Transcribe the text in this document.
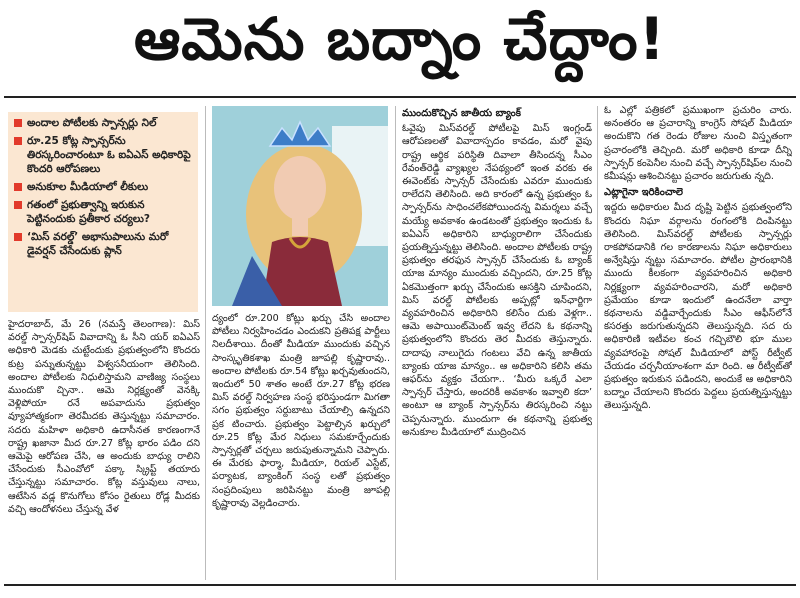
ఆమెను బద్నాం చేద్దాం!
అందాల పోటీలకు స్పాన్సర్లు నిల్
రూ.25 కోట్ల స్పాన్సర్‌ను తిరస్కరించారంటూ ఓ ఐఏఎస్ అధికారిపై కొందరి ఆరోపణలు
అనుకూల మీడియాలో లీకులు
గతంలో ప్రభుత్వాన్ని ఇరుకున పెట్టినందుకు ప్రతీకార చర్యలు?
‘మిస్ వరల్డ్’ అభాసుపాలును మరో డైవర్షన్ చేసేందుకు ప్లాన్

హైదరాబాద్, మే 26 (నమస్తే తెలంగాణ): మిస్ వరల్డ్ స్పాన్సర్‌షిప్ వివాదాన్ని ఓ సీని యర్ ఐఏఎస్ అధికారి మెడకు చుట్టేందుకు ప్రభుత్వంలోని కొందరు కుట్ర పన్నుతున్నట్టు విశ్వసనీయంగా తెలిసింది. అందాల పోటీలకు నిధులిస్తామని వాణిజ్య సంస్థలు ముందుకొ చ్చినా.. ఆమె నిర్లక్ష్యంతో వెనక్కి వెళ్లిపోయా రనే అపవాదును ప్రభుత్వం వ్యూహాత్మకంగా తెరమీదకు తెస్తున్నట్టు సమాచారం. సదరు మహిళా అధికారి ఉదాసీనత కారణంగానే రాష్ట్ర ఖజానా మీద రూ.27 కోట్ల భారం పడిం దని ఆమెపై ఆరోపణ చేసి, ఆ అందుకు బాధ్యు రాలిని చేసేందుకు సీఎంవోలో పక్కా స్క్రిప్ట్ తయారు చేస్తున్నట్టు సమాచారం. కోట్ల వస్తువులు నాలు, ఆటేసిన వడ్ల కొనుగోలు కోసం రైతులు రోడ్ల మీదకు వచ్చి ఆందోళనలు చేస్తున్న వేళ

ద్యంలో రూ.200 కోట్లు ఖర్చు చేసి అందాల పోటీలు నిర్వహించడం ఎందుకని ప్రతిపక్ష పార్టీలు నిలదీశాయి. దీంతో మీడియా ముందుకు వచ్చిన సాంస్కృతికశాఖ మంత్రి జూపల్లి కృష్ణారావు.. అందాల పోటీలకు రూ.54 కోట్లు ఖర్చవుతుందని, ఇందులో 50 శాతం అంటే రూ.27 కోట్ల భరణ మిస్ వరల్డ్ నిర్వహణ సంస్థ భరిస్తుండగా మిగతా సగం ప్రభుత్వం సర్దుబాటు చేయాల్సి ఉన్నదని ప్రక టించారు. ప్రభుత్వం పెట్టాల్సిన ఖర్చులో రూ.25 కోట్ల మేర నిధులు సమకూర్చేందుకు స్పాన్సర్లతో చర్చలు జరుపుతున్నామని చెప్పారు. ఈ మేరకు ఫార్మా, మీడియా, రియల్ ఎస్టేట్, పర్యాటక, బ్యాంకింగ్ సంస్థ లతో ప్రభుత్వం సంప్రదింపులు జరిపినట్టు మంత్రి జూపల్లి కృష్ణారావు వెల్లడించారు.

ముందుకొచ్చిన జాతీయ బ్యాంక్

ఓవైపు మిస్‌వరల్డ్ పోటీలపై మిస్ ఇంగ్లండ్ ఆరోపణలతో వివాదాస్పదం కావడం, మరో వైపు రాష్ట్ర ఆర్థిక పరిస్థితి దివాలా తీసిందన్న సీఎం రేవంత్‌రెడ్డి వ్యాఖ్యల నేపథ్యంలో ఇంత వరకు ఈ ఈవెంట్‌కు స్పాన్సర్ చేసేందుకు ఎవరూ ముందుకు రాలేదని తెలిసింది. అది కారంలో ఉన్న ప్రభుత్వం ఓ స్పాన్సర్‌ను సాధించలేకపోయిందన్న విమర్శలు వచ్చే మయ్యే అవకాశం ఉండటంతో ప్రభుత్వం ఇందుకు ఓ ఐఏఎస్ అధికారిని బాధ్యురాలిగా చేసేందుకు ప్రయత్నిస్తున్నట్టు తెలిసింది. అందాల పోటీలకు రాష్ట్ర ప్రభుత్వం తరఫున స్పాన్సర్ చేసేందుకు ఓ బ్యాంక్ యాజ మాన్యం ముందుకు వచ్చిందని, రూ.25 కోట్ల ఏకమొత్తంగా ఖర్చు చేసేందుకు ఆసక్తిని చూపిందని, మిస్ వరల్డ్ పోటీలకు అప్పట్లో ఇన్‌ఛార్జిగా వ్యవహరించిన అధికారిని కలిసేం దుకు వెళ్లగా.. ఆమె అపాయింట్‌మెంట్ ఇవ్వ లేదని ఓ కథనాన్ని ప్రభుత్వంలోని కొందరు తెర మీదకు తెస్తున్నారు. దాదాపు నాలుగైదు గంటలు వేచి ఉన్న జాతీయ బ్యాంకు యాజ మాన్యం.. ఆ అధికారిని కలిసి తమ ఆఫర్‌ను వ్యక్తం చేయగా.. ‘మీరు ఒక్కరే ఎలా స్పాన్సర్ చేస్తారు, అందరికీ అవకాశం ఇవ్వాలి కదా’ అంటూ ఆ బ్యాంక్ స్పాన్సర్‌ను తిరస్కరించి నట్టు చెప్పనున్నారు. ముందుగా ఈ కథనాన్ని ప్రభుత్వ అనుకూల మీడియాలో ముద్రించిన

ఓ ఎల్లో పత్రికలో ప్రముఖంగా ప్రచురిం చారు. అనంతరం ఆ ప్రచారాన్ని కాంగ్రెస్ సోషల్ మీడియా అందుకొని గత రెండు రోజుల నుంచి విస్తృతంగా ప్రచారంలోకి తెచ్చింది. మరో అధికారి కూడా దీన్ని స్పాన్సర్ కంపెనీల నుంచి వచ్చే స్పాన్సర్‌షిప్‌ల నుంచి కమీషన్లు ఆశించినట్టు ప్రచారం జరుగుతు న్నది.

ఎట్లాగైనా ఇరికించాలె

ఇద్దరు అధికారుల మీద దృష్టి పెట్టిన ప్రభుత్వంలోని కొందరు నిఘా వర్గాలను రంగంలోకి దింపినట్టు తెలిసింది. మిస్‌వరల్డ్ పోటీలకు స్పాన్సర్లు రాకపోవడానికి గల కారణాలను నిఘా అధికారులు అన్వేషిస్తు న్నట్టు సమాచారం. పోటీల ప్రారంభానికి ముందు కీలకంగా వ్యవహరించిన అధికారి నిర్లక్ష్యంగా వ్యవహరించారని, మరో అధికారి ప్రమేయం కూడా ఇందులో ఉందనేలా వార్తా కథనాలను వడ్డివార్చేందుకు సీఎం ఆఫీస్‌లోనే కసరత్తు జరుగుతున్నదని తెలుస్తున్నది. సద రు అధికారిణి ఇటీవల కంచ గచ్చిబౌలి భూ ముల వ్యవహారంపై సోషల్ మీడియాలో పోస్ట్ రీట్వీట్ చేయడం చర్చనీయాంశంగా మా రింది. ఆ రీట్వీట్‌తో ప్రభుత్వం ఇరుకున పడిందని, అందుకే ఆ అధికారిని బద్నాం చేయాలని కొందరు పెద్దలు ప్రయత్నిస్తున్నట్టు తెలుస్తున్నది.
